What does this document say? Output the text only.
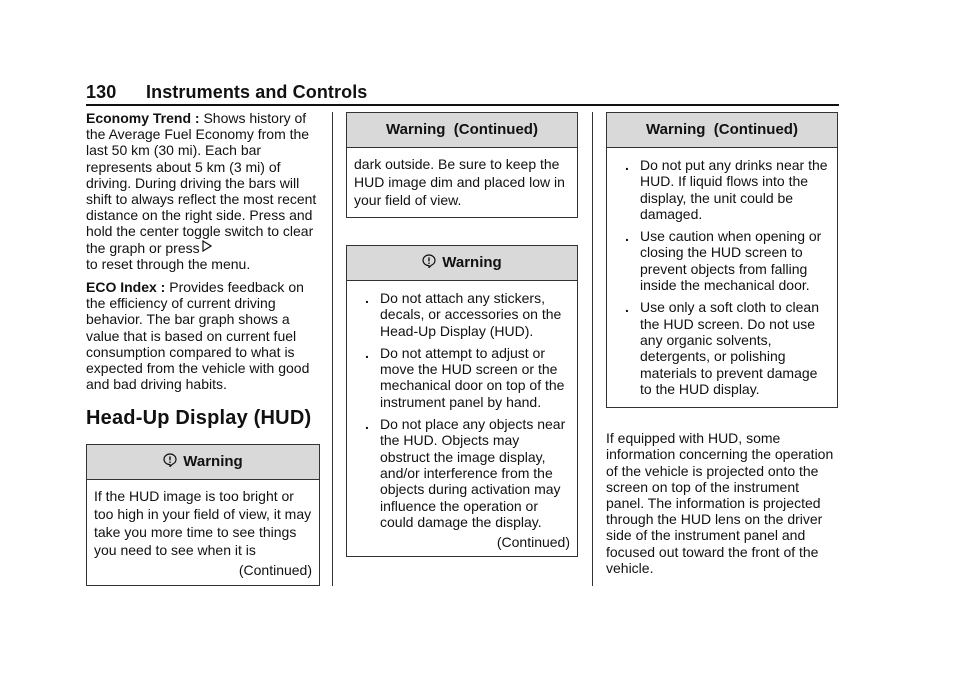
130 Instruments and Controls

Economy Trend : Shows history of the Average Fuel Economy from the last 50 km (30 mi). Each bar represents about 5 km (3 mi) of driving. During driving the bars will shift to always reflect the most recent distance on the right side. Press and hold the center toggle switch to clear the graph or press
to reset through the menu.

ECO Index : Provides feedback on the efficiency of current driving behavior. The bar graph shows a value that is based on current fuel consumption compared to what is expected from the vehicle with good and bad driving habits.

Head-Up Display (HUD)
Warning
If the HUD image is too bright or too high in your field of view, it may take you more time to see things you need to see when it is
(Continued)
Warning  (Continued)
dark outside. Be sure to keep the HUD image dim and placed low in your field of view.
Warning
. Do not attach any stickers, decals, or accessories on the Head-Up Display (HUD).
. Do not attempt to adjust or move the HUD screen or the mechanical door on top of the instrument panel by hand.
. Do not place any objects near the HUD. Objects may obstruct the image display, and/or interference from the objects during activation may influence the operation or could damage the display.
(Continued)
Warning  (Continued)
. Do not put any drinks near the HUD. If liquid flows into the display, the unit could be damaged.
. Use caution when opening or closing the HUD screen to prevent objects from falling inside the mechanical door.
. Use only a soft cloth to clean the HUD screen. Do not use any organic solvents, detergents, or polishing materials to prevent damage to the HUD display.

If equipped with HUD, some information concerning the operation of the vehicle is projected onto the screen on top of the instrument panel. The information is projected through the HUD lens on the driver side of the instrument panel and focused out toward the front of the vehicle.
